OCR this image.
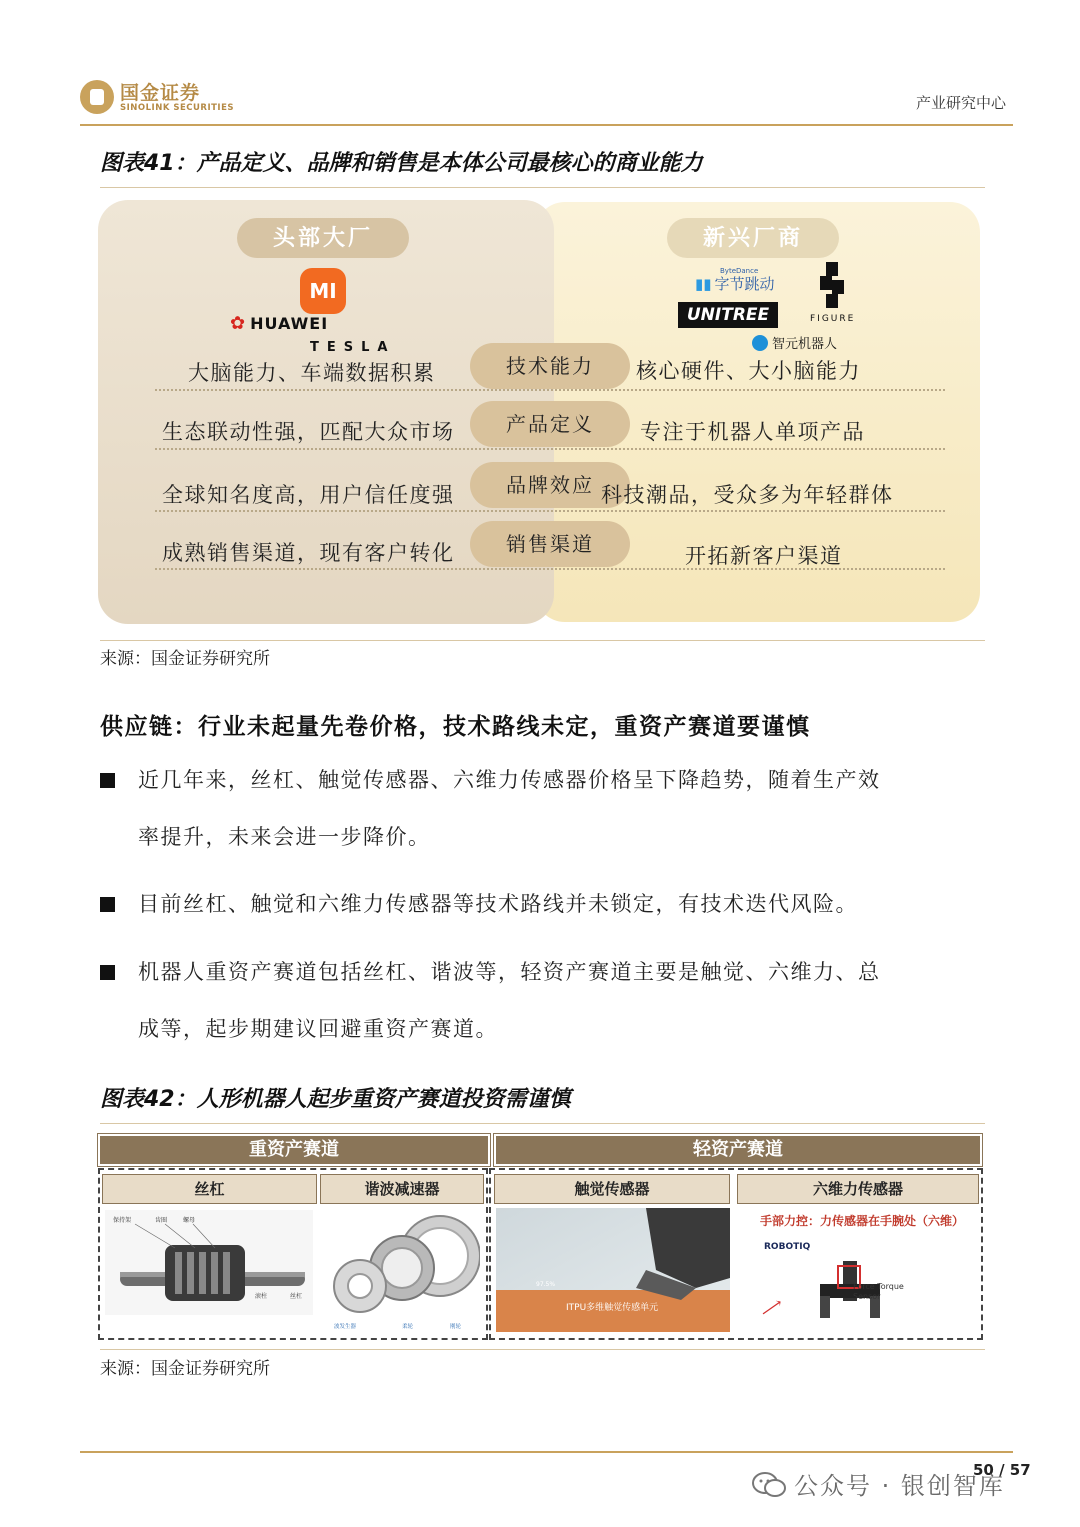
国金证券
SINOLINK SECURITIES	产业研究中心
图表41：产品定义、品牌和销售是本体公司最核心的商业能力
头部大厂	新兴厂商
MI
✿ HUAWEI
TESLA
ByteDance
▮▮ 字节跳动
UNITREE	FIGURE
智元机器人
大脑能力、车端数据积累	技术能力	核心硬件、大小脑能力
生态联动性强，匹配大众市场	产品定义	专注于机器人单项产品
全球知名度高，用户信任度强	品牌效应 科技潮品，受众多为年轻群体
成熟销售渠道，现有客户转化	销售渠道	开拓新客户渠道
来源：国金证券研究所
供应链：行业未起量先卷价格，技术路线未定，重资产赛道要谨慎
近几年来，丝杠、触觉传感器、六维力传感器价格呈下降趋势，随着生产效
率提升，未来会进一步降价。
目前丝杠、触觉和六维力传感器等技术路线并未锁定，有技术迭代风险。
机器人重资产赛道包括丝杠、谐波等，轻资产赛道主要是触觉、六维力、总
成等，起步期建议回避重资产赛道。
图表42：人形机器人起步重资产赛道投资需谨慎
重资产赛道	轻资产赛道
丝杠	谐波减速器	触觉传感器	六维力传感器
保持架	齿圈	螺母
滚柱	丝杠
波发生器	柔轮	刚轮
97.5%
ITPU多维触觉传感单元
手部力控：力传感器在手腕处（六维）
ROBOTIQ
Force Torque
Sensor
⟶
来源：国金证券研究所
50 / 57
公众号 · 银创智库
